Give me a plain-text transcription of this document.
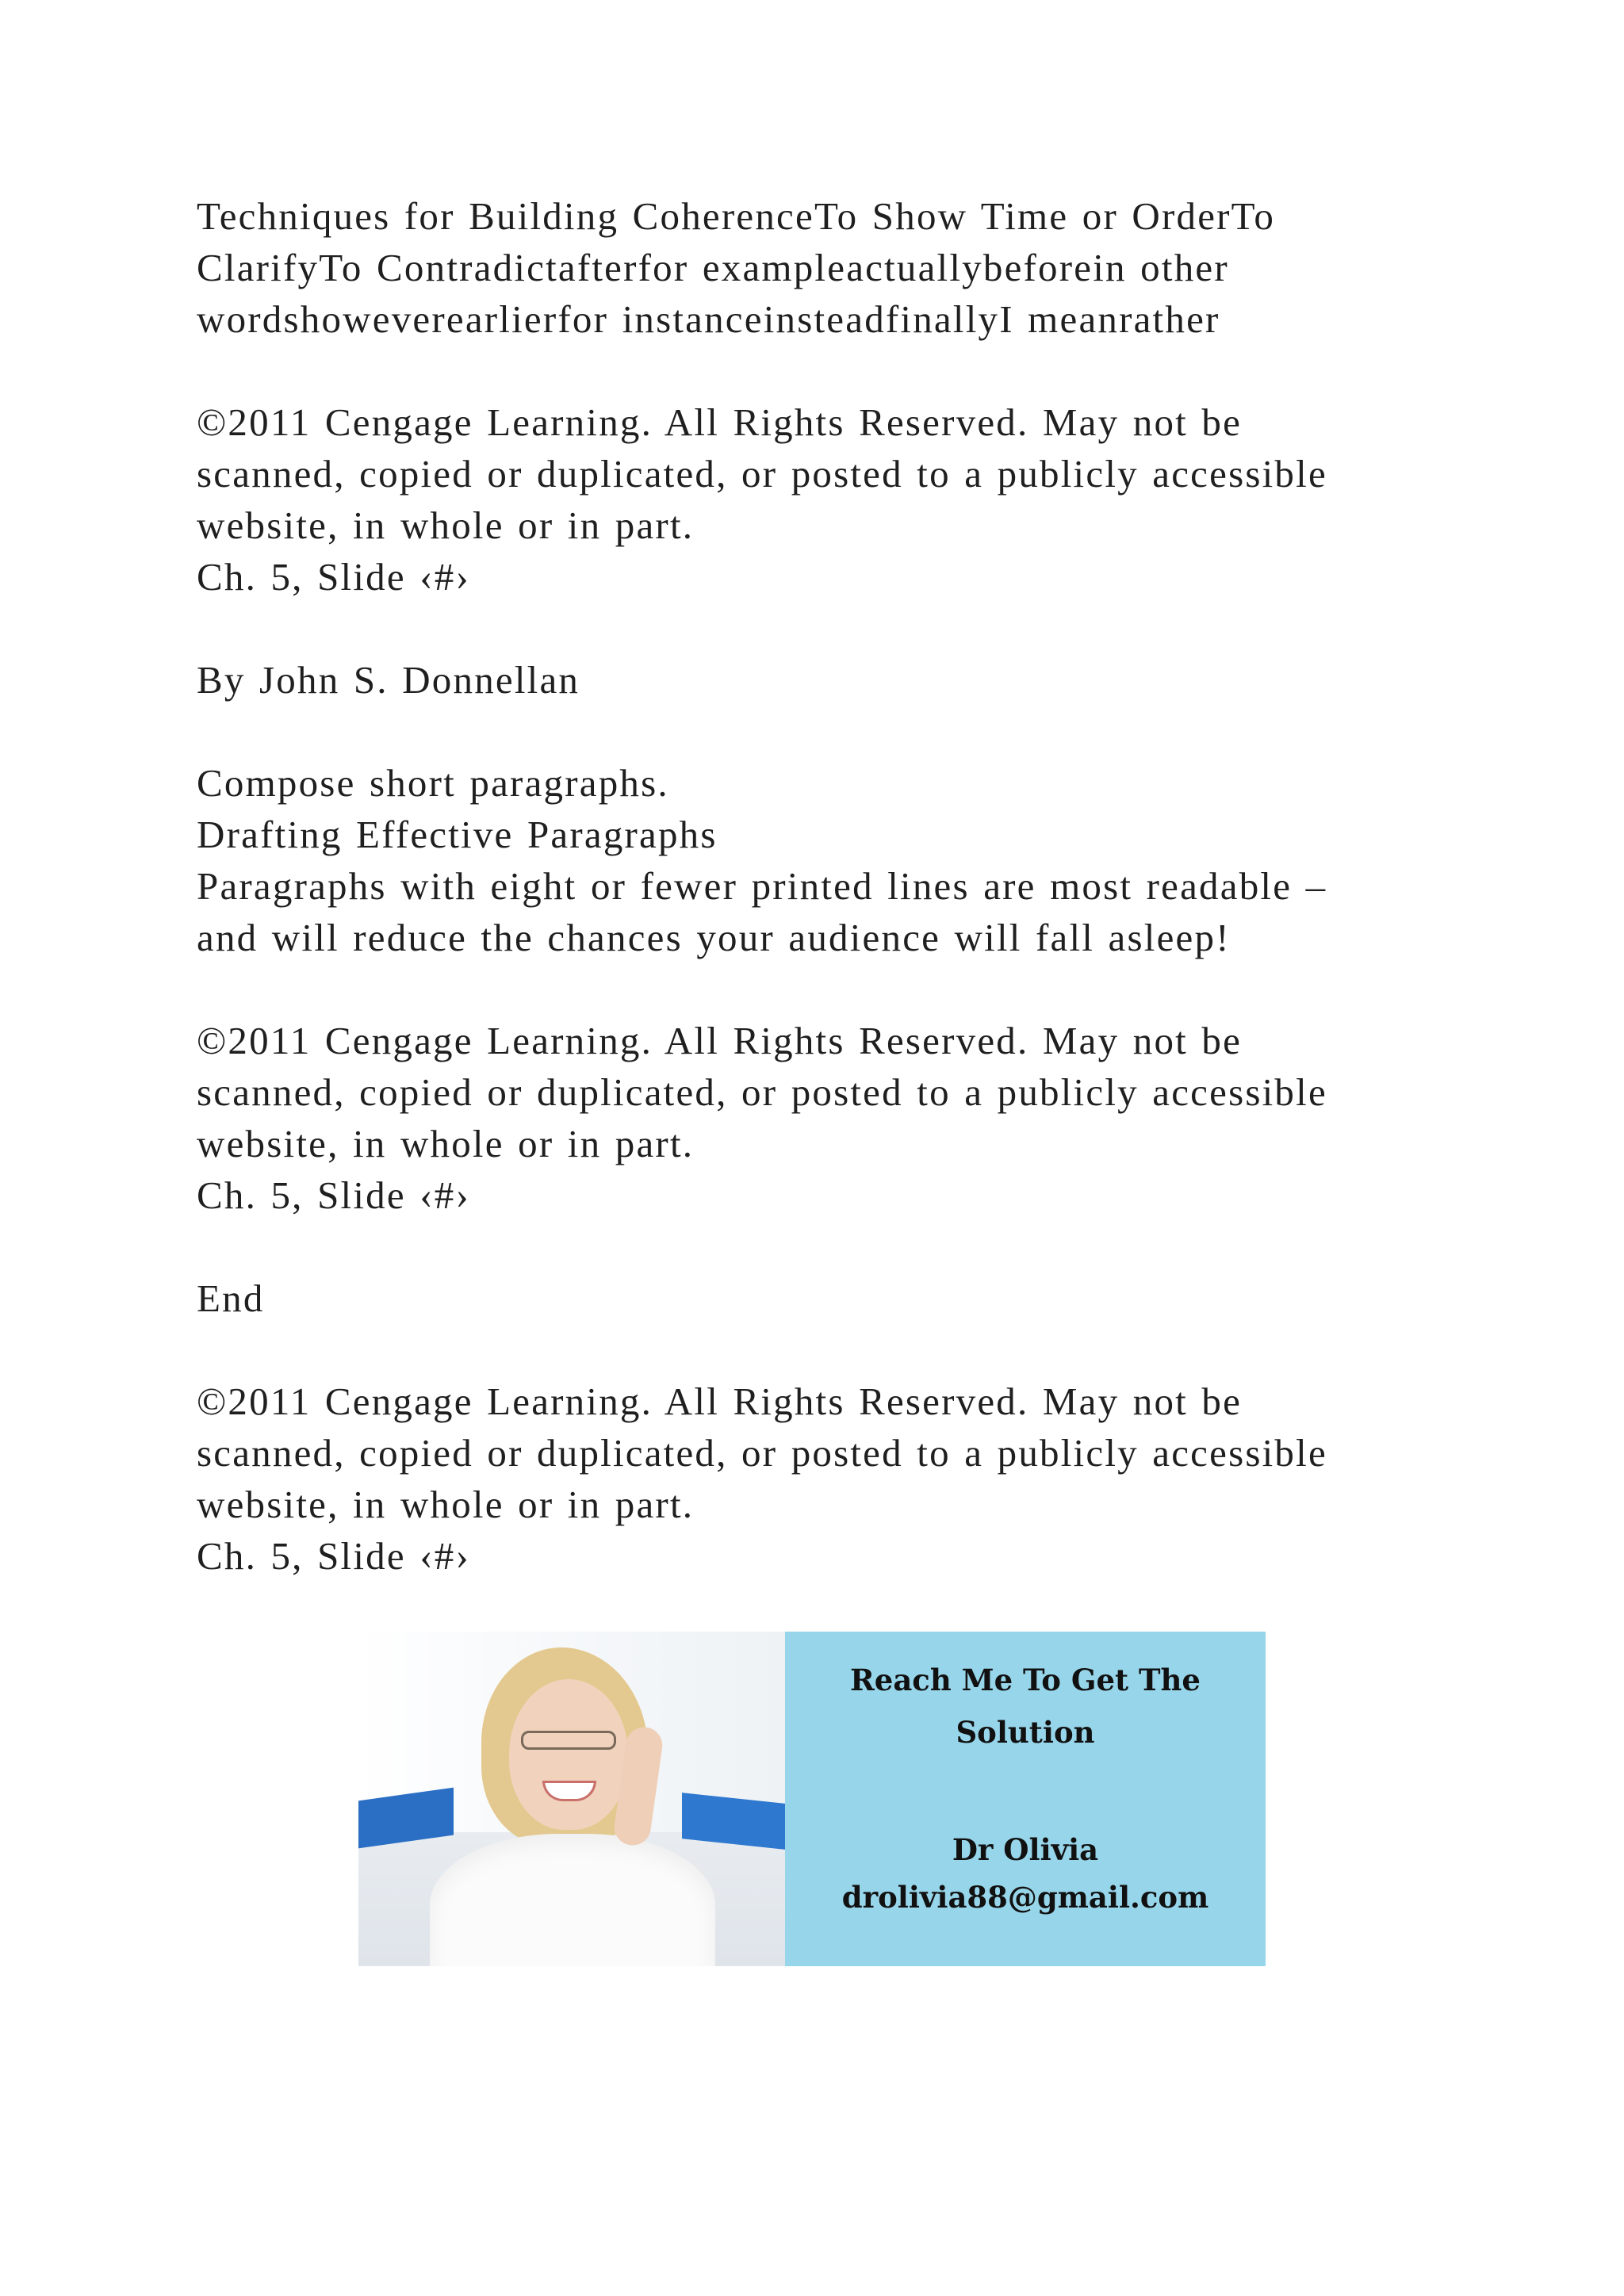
Techniques for Building CoherenceTo Show Time or OrderTo
ClarifyTo Contradictafterfor exampleactuallybeforein other
wordshoweverearlierfor instanceinsteadfinallyI meanrather

©2011 Cengage Learning. All Rights Reserved. May not be
scanned, copied or duplicated, or posted to a publicly accessible
website, in whole or in part.
Ch. 5, Slide ‹#›

By John S. Donnellan

Compose short paragraphs.
Drafting Effective Paragraphs
Paragraphs with eight or fewer printed lines are most readable –
and will reduce the chances your audience will fall asleep!

©2011 Cengage Learning. All Rights Reserved. May not be
scanned, copied or duplicated, or posted to a publicly accessible
website, in whole or in part.
Ch. 5, Slide ‹#›

End

©2011 Cengage Learning. All Rights Reserved. May not be
scanned, copied or duplicated, or posted to a publicly accessible
website, in whole or in part.
Ch. 5, Slide ‹#›

Reach Me To Get The
Solution
Dr Olivia
drolivia88@gmail.com
